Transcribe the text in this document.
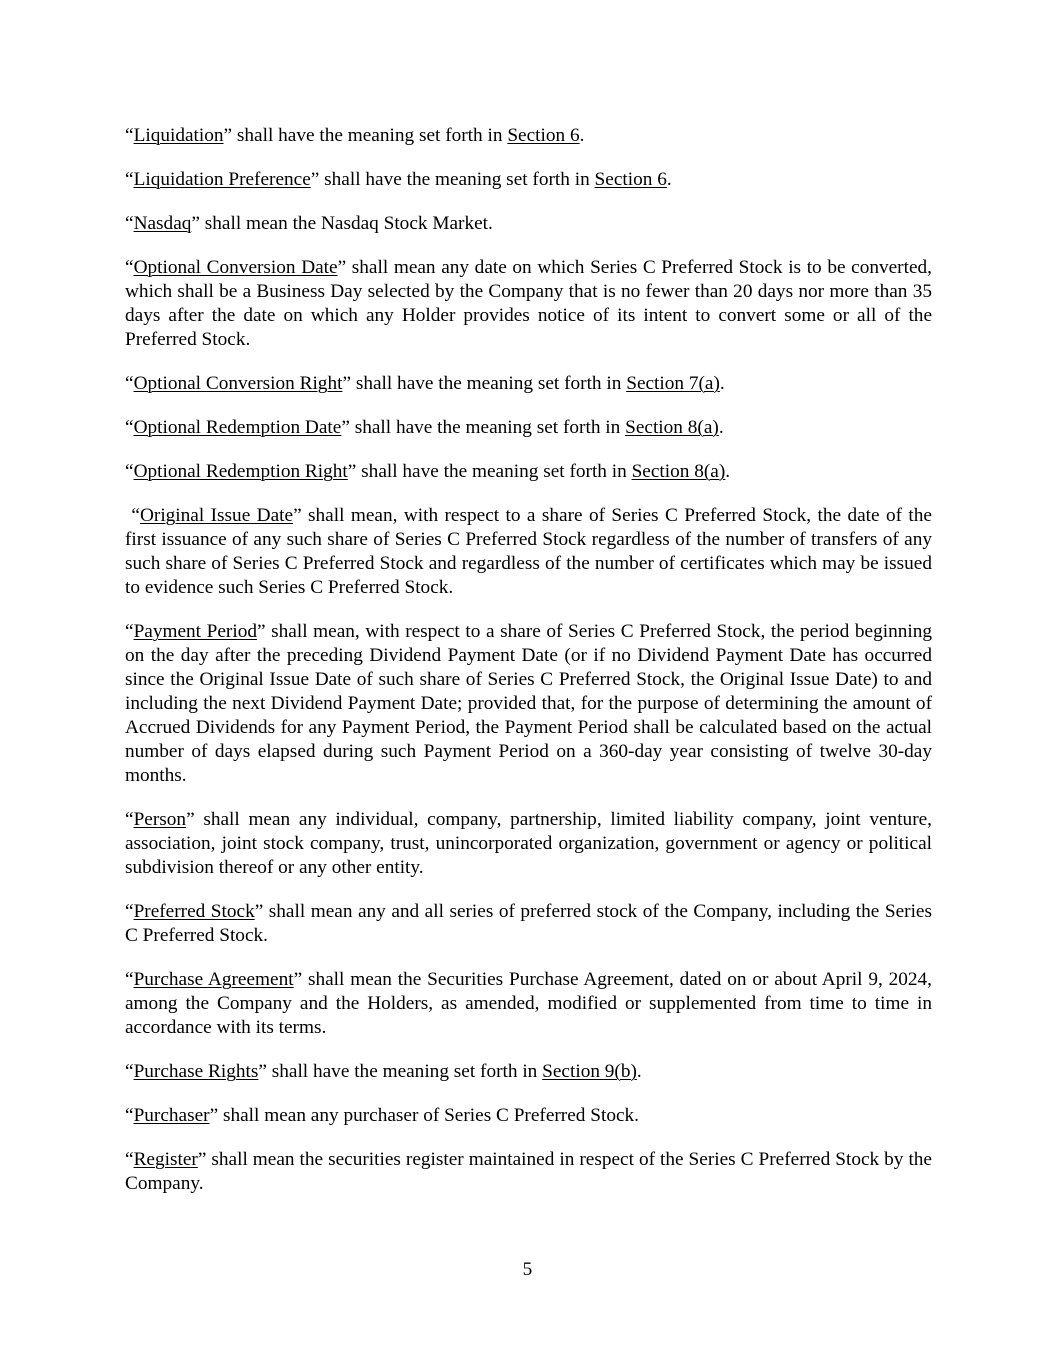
“Liquidation” shall have the meaning set forth in Section 6.

“Liquidation Preference” shall have the meaning set forth in Section 6.

“Nasdaq” shall mean the Nasdaq Stock Market.

“Optional Conversion Date” shall mean any date on which Series C Preferred Stock is to be converted, which shall be a Business Day selected by the Company that is no fewer than 20 days nor more than 35 days after the date on which any Holder provides notice of its intent to convert some or all of the Preferred Stock.

“Optional Conversion Right” shall have the meaning set forth in Section 7(a).

“Optional Redemption Date” shall have the meaning set forth in Section 8(a).

“Optional Redemption Right” shall have the meaning set forth in Section 8(a).

“Original Issue Date” shall mean, with respect to a share of Series C Preferred Stock, the date of the first issuance of any such share of Series C Preferred Stock regardless of the number of transfers of any such share of Series C Preferred Stock and regardless of the number of certificates which may be issued to evidence such Series C Preferred Stock.

“Payment Period” shall mean, with respect to a share of Series C Preferred Stock, the period beginning on the day after the preceding Dividend Payment Date (or if no Dividend Payment Date has occurred since the Original Issue Date of such share of Series C Preferred Stock, the Original Issue Date) to and including the next Dividend Payment Date; provided that, for the purpose of determining the amount of Accrued Dividends for any Payment Period, the Payment Period shall be calculated based on the actual number of days elapsed during such Payment Period on a 360-day year consisting of twelve 30-day months.

“Person” shall mean any individual, company, partnership, limited liability company, joint venture, association, joint stock company, trust, unincorporated organization, government or agency or political subdivision thereof or any other entity.

“Preferred Stock” shall mean any and all series of preferred stock of the Company, including the Series C Preferred Stock.

“Purchase Agreement” shall mean the Securities Purchase Agreement, dated on or about April 9, 2024, among the Company and the Holders, as amended, modified or supplemented from time to time in accordance with its terms.

“Purchase Rights” shall have the meaning set forth in Section 9(b).

“Purchaser” shall mean any purchaser of Series C Preferred Stock.

“Register” shall mean the securities register maintained in respect of the Series C Preferred Stock by the Company.

5
